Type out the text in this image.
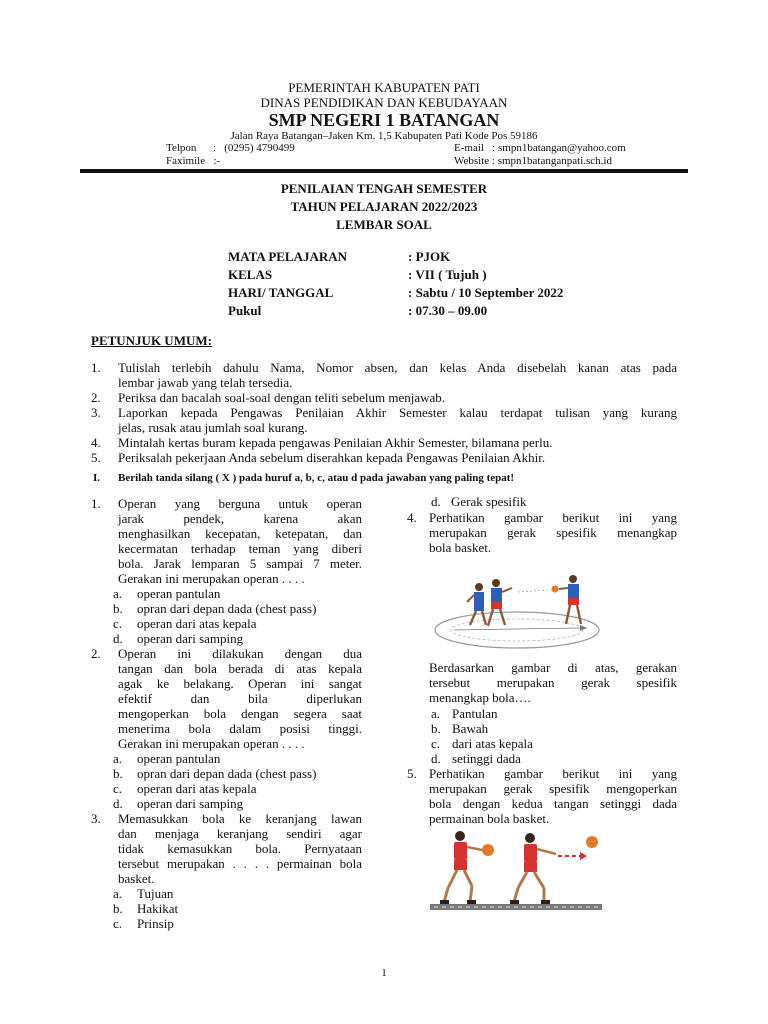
PEMERINTAH KABUPATEN PATI
DINAS PENDIDIKAN DAN KEBUDAYAAN
SMP NEGERI 1 BATANGAN
Jalan Raya Batangan–Jaken Km. 1,5 Kabupaten Pati Kode Pos 59186
Telpon      :   (0295) 4790499
Faximile   :-
E-mail   : smpn1batangan@yahoo.com
Website : smpn1batanganpati.sch.id
PENILAIAN TENGAH SEMESTER
TAHUN PELAJARAN 2022/2023
LEMBAR SOAL
MATA PELAJARAN	: PJOK
KELAS	: VII ( Tujuh )
HARI/ TANGGAL	: Sabtu / 10 September 2022
Pukul	: 07.30 – 09.00
PETUNJUK UMUM:
1. Tulislah terlebih dahulu Nama, Nomor absen, dan kelas Anda disebelah kanan atas pada
lembar jawab yang telah tersedia.
2. Periksa dan bacalah soal-soal dengan teliti sebelum menjawab.
3. Laporkan kepada Pengawas Penilaian Akhir Semester kalau terdapat tulisan yang kurang
jelas, rusak atau jumlah soal kurang.
4. Mintalah kertas buram kepada pengawas Penilaian Akhir Semester, bilamana perlu.
5. Periksalah pekerjaan Anda sebelum diserahkan kepada Pengawas Penilaian Akhir.
I. Berilah tanda silang ( X ) pada huruf a, b, c, atau d pada jawaban yang paling tepat!
1. Operan yang berguna untuk operan
jarak pendek, karena akan
menghasilkan kecepatan, ketepatan, dan
kecermatan terhadap teman yang diberi
bola. Jarak lemparan 5 sampai 7 meter.
Gerakan ini merupakan operan . . . .
a. operan pantulan
b. opran dari depan dada (chest pass)
c. operan dari atas kepala
d. operan dari samping
2. Operan ini dilakukan dengan dua
tangan dan bola berada di atas kepala
agak ke belakang. Operan ini sangat
efektif dan bila diperlukan
mengoperkan bola dengan segera saat
menerima bola dalam posisi tinggi.
Gerakan ini merupakan operan . . . .
a. operan pantulan
b. opran dari depan dada (chest pass)
c. operan dari atas kepala
d. operan dari samping
3. Memasukkan bola ke keranjang lawan
dan menjaga keranjang sendiri agar
tidak kemasukkan bola. Pernyataan
tersebut merupakan . . . . permainan bola
basket.
a. Tujuan
b. Hakikat
c. Prinsip
d. Gerak spesifik
4. Perhatikan gambar berikut ini yang
merupakan gerak spesifik menangkap
bola basket.
Berdasarkan gambar di atas, gerakan
tersebut merupakan gerak spesifik
menangkap bola….
a. Pantulan
b. Bawah
c. dari atas kepala
d. setinggi dada
5. Perhatikan gambar berikut ini yang
merupakan gerak spesifik mengoperkan
bola dengan kedua tangan setinggi dada
permainan bola basket.
1
